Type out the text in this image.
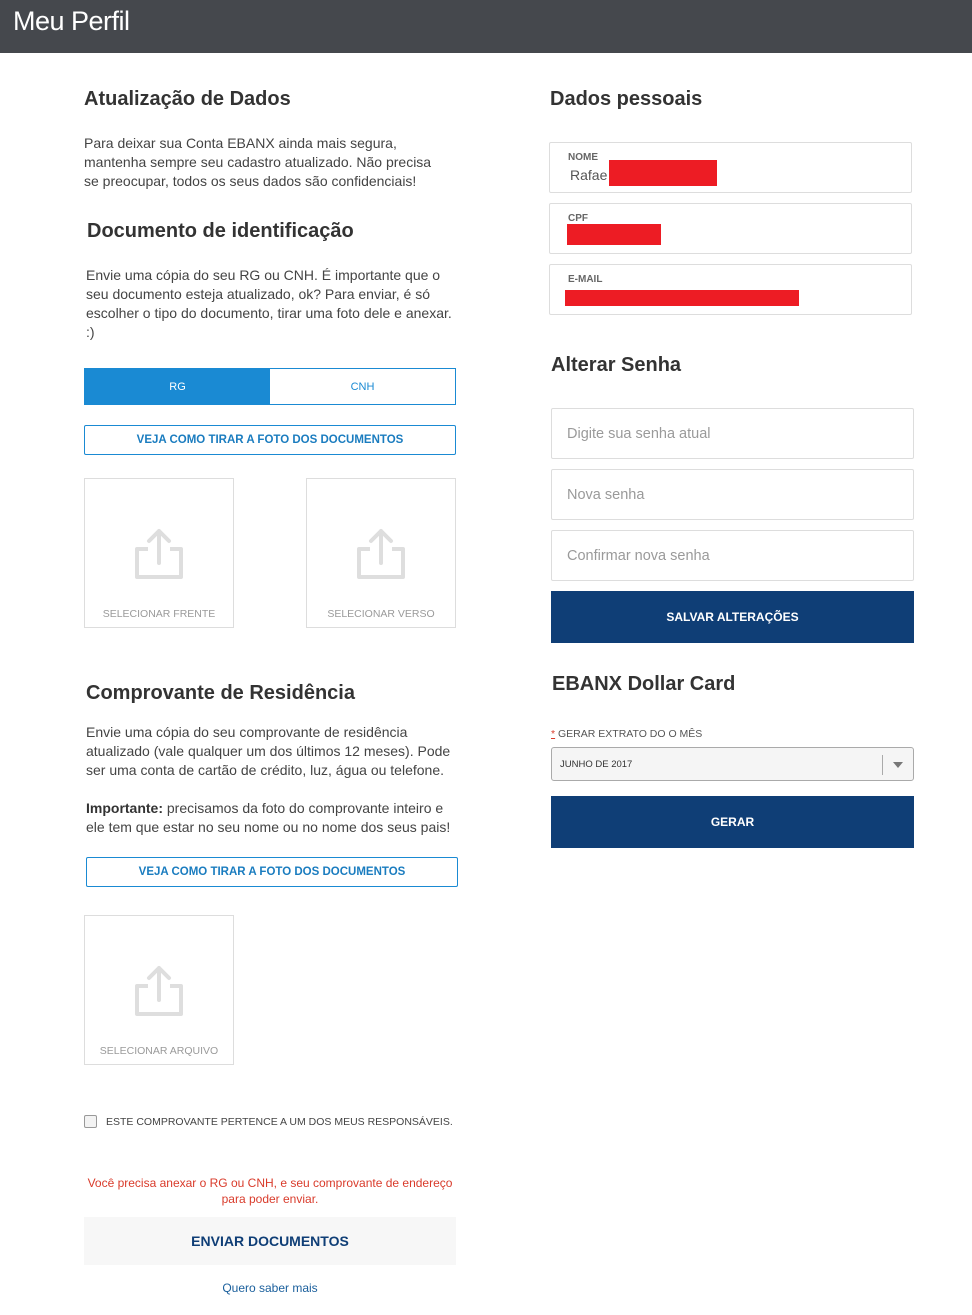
Meu Perfil
Atualização de Dados
Para deixar sua Conta EBANX ainda mais segura, mantenha sempre seu cadastro atualizado. Não precisa se preocupar, todos os seus dados são confidenciais!
Documento de identificação
Envie uma cópia do seu RG ou CNH. É importante que o seu documento esteja atualizado, ok? Para enviar, é só escolher o tipo do documento, tirar uma foto dele e anexar. :)
RG	CNH
VEJA COMO TIRAR A FOTO DOS DOCUMENTOS
SELECIONAR FRENTE	SELECIONAR VERSO
Comprovante de Residência
Envie uma cópia do seu comprovante de residência atualizado (vale qualquer um dos últimos 12 meses). Pode ser uma conta de cartão de crédito, luz, água ou telefone.
Importante: precisamos da foto do comprovante inteiro e ele tem que estar no seu nome ou no nome dos seus pais!
VEJA COMO TIRAR A FOTO DOS DOCUMENTOS
SELECIONAR ARQUIVO
ESTE COMPROVANTE PERTENCE A UM DOS MEUS RESPONSÁVEIS.
Você precisa anexar o RG ou CNH, e seu comprovante de endereço para poder enviar.
ENVIAR DOCUMENTOS
Quero saber mais
Dados pessoais
NOME
Rafae
CPF
E-MAIL
Alterar Senha
SALVAR ALTERAÇÕES
EBANX Dollar Card
* GERAR EXTRATO DO O MÊS
JUNHO DE 2017
GERAR
